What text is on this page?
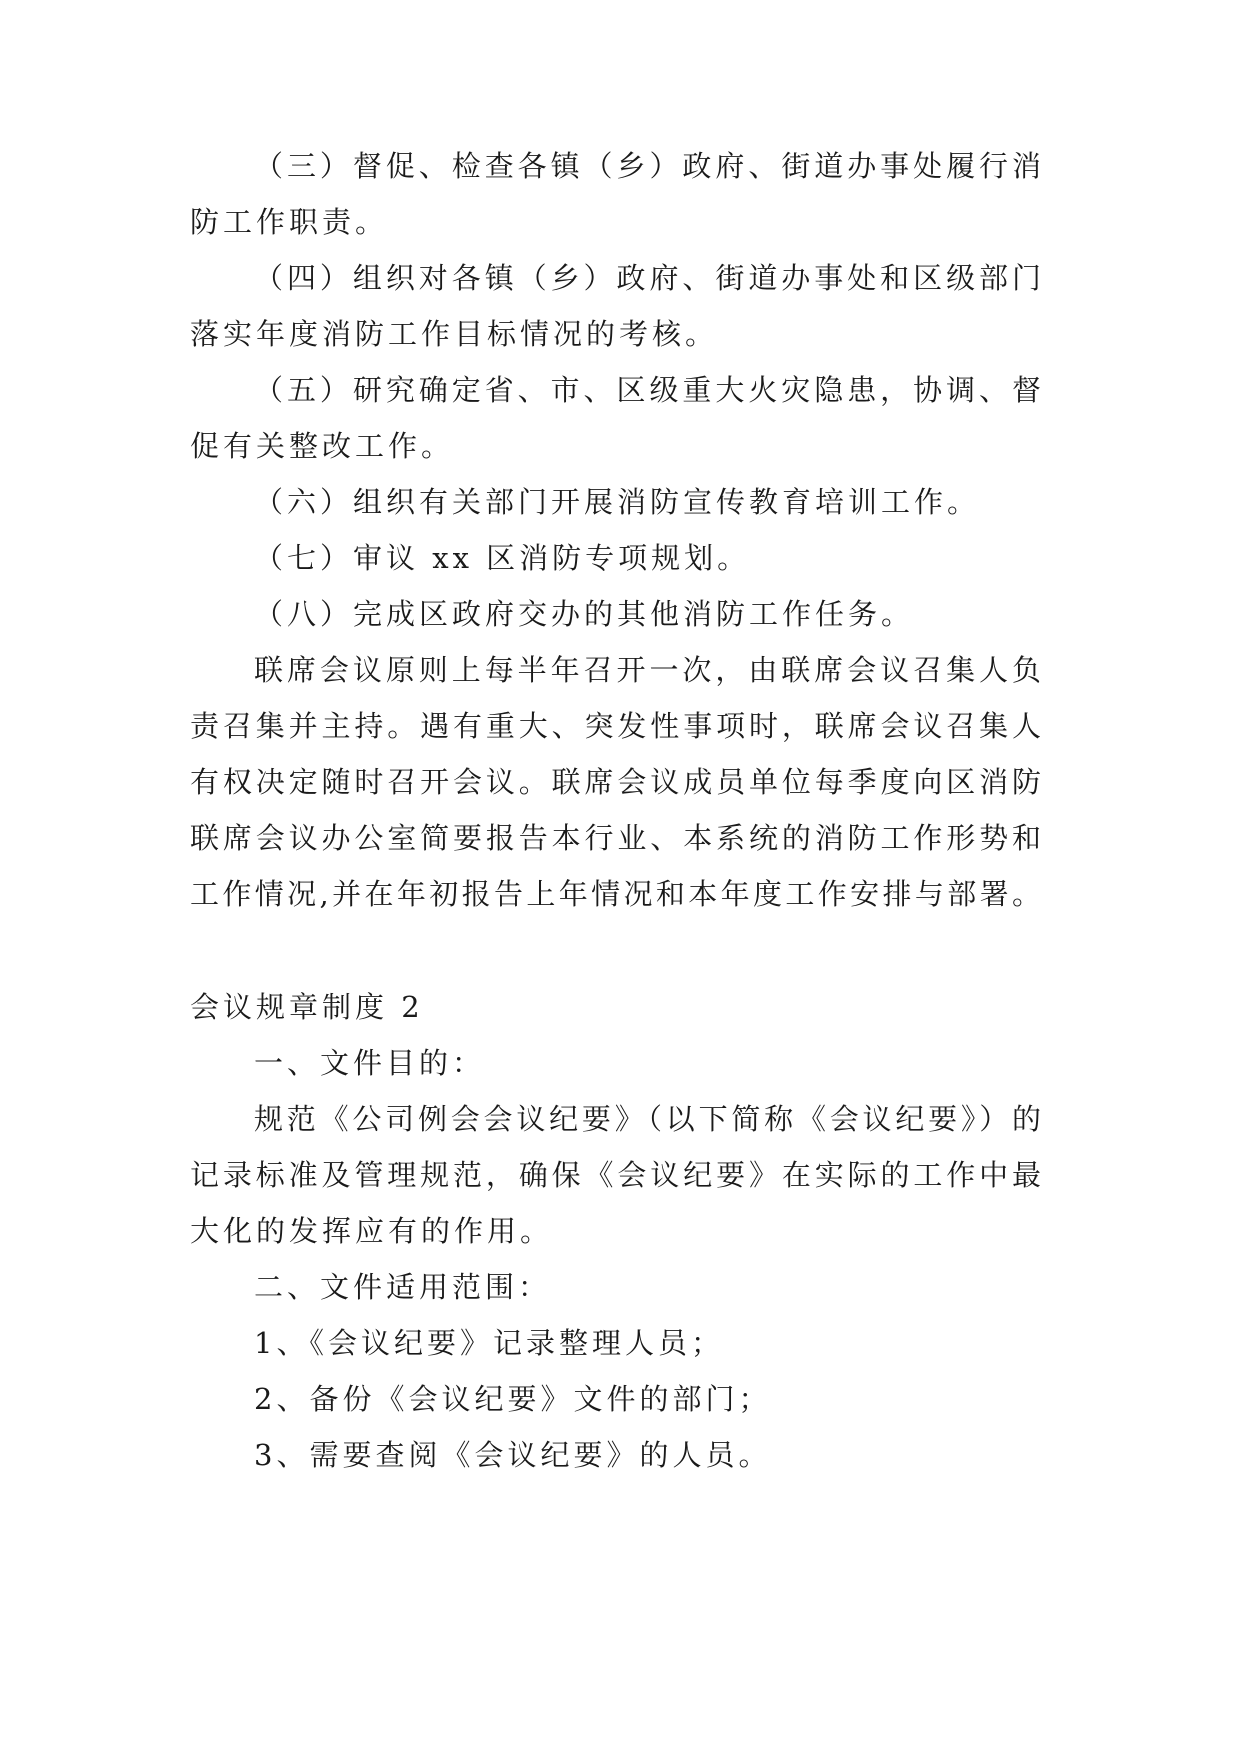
（三）督促、检查各镇（乡）政府、街道办事处履行消
防工作职责。
（四）组织对各镇（乡）政府、街道办事处和区级部门
落实年度消防工作目标情况的考核。
（五）研究确定省、市、区级重大火灾隐患，协调、督
促有关整改工作。
（六）组织有关部门开展消防宣传教育培训工作。
（七）审议 xx 区消防专项规划。
（八）完成区政府交办的其他消防工作任务。
联席会议原则上每半年召开一次，由联席会议召集人负
责召集并主持。遇有重大、突发性事项时，联席会议召集人
有权决定随时召开会议。联席会议成员单位每季度向区消防
联席会议办公室简要报告本行业、本系统的消防工作形势和
工作情况,并在年初报告上年情况和本年度工作安排与部署。
会议规章制度 2
一、文件目的：
规范《公司例会会议纪要》（以下简称《会议纪要》）的
记录标准及管理规范，确保《会议纪要》在实际的工作中最
大化的发挥应有的作用。
二、文件适用范围：
1、《会议纪要》记录整理人员；
2、备份《会议纪要》文件的部门；
3、需要查阅《会议纪要》的人员。
